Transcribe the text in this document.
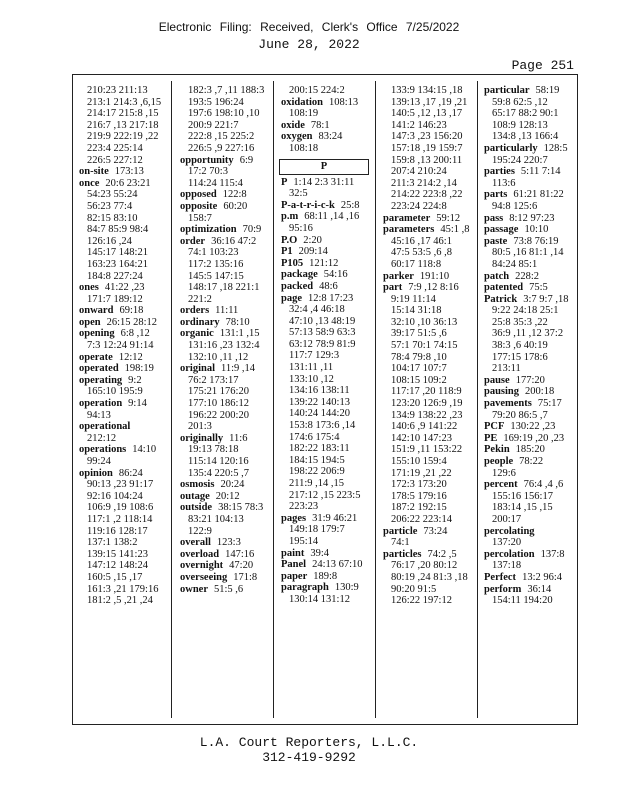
Electronic Filing: Received, Clerk's Office 7/25/2022
June 28, 2022
Page 251
210:23 211:13
213:1 214:3 ,6,15
214:17 215:8 ,15
216:7 ,13 217:18
219:9 222:19 ,22
223:4 225:14
226:5 227:12
on-site 173:13
once 20:6 23:21
54:23 55:24
56:23 77:4
82:15 83:10
84:7 85:9 98:4
126:16 ,24
145:17 148:21
163:23 164:21
184:8 227:24
ones 41:22 ,23
171:7 189:12
onward 69:18
open 26:15 28:12
opening 6:8 ,12
7:3 12:24 91:14
operate 12:12
operated 198:19
operating 9:2
165:10 195:9
operation 9:14
94:13
operational
212:12
operations 14:10
99:24
opinion 86:24
90:13 ,23 91:17
92:16 104:24
106:9 ,19 108:6
117:1 ,2 118:14
119:16 128:17
137:1 138:2
139:15 141:23
147:12 148:24
160:5 ,15 ,17
161:3 ,21 179:16
181:2 ,5 ,21 ,24
182:3 ,7 ,11 188:3
193:5 196:24
197:6 198:10 ,10
200:9 221:7
222:8 ,15 225:2
226:5 ,9 227:16
opportunity 6:9
17:2 70:3
114:24 115:4
opposed 122:8
opposite 60:20
158:7
optimization 70:9
order 36:16 47:2
74:1 103:23
117:2 135:16
145:5 147:15
148:17 ,18 221:1
221:2
orders 11:11
ordinary 78:10
organic 131:1 ,15
131:16 ,23 132:4
132:10 ,11 ,12
original 11:9 ,14
76:2 173:17
175:21 176:20
177:10 186:12
196:22 200:20
201:3
originally 11:6
19:13 78:18
115:14 120:16
135:4 220:5 ,7
osmosis 20:24
outage 20:12
outside 38:15 78:3
83:21 104:13
122:9
overall 123:3
overload 147:16
overnight 47:20
overseeing 171:8
owner 51:5 ,6
200:15 224:2
oxidation 108:13
108:19
oxide 78:1
oxygen 83:24
108:18
P
P 1:14 2:3 31:11
32:5
P-a-t-r-i-c-k 25:8
p.m 68:11 ,14 ,16
95:16
P.O 2:20
P1 209:14
P105 121:12
package 54:16
packed 48:6
page 12:8 17:23
32:4 ,4 46:18
47:10 ,13 48:19
57:13 58:9 63:3
63:12 78:9 81:9
117:7 129:3
131:11 ,11
133:10 ,12
134:16 138:11
139:22 140:13
140:24 144:20
153:8 173:6 ,14
174:6 175:4
182:22 183:11
184:15 194:5
198:22 206:9
211:9 ,14 ,15
217:12 ,15 223:5
223:23
pages 31:9 46:21
149:18 179:7
195:14
paint 39:4
Panel 24:13 67:10
paper 189:8
paragraph 130:9
130:14 131:12
133:9 134:15 ,18
139:13 ,17 ,19 ,21
140:5 ,12 ,13 ,17
141:2 146:23
147:3 ,23 156:20
157:18 ,19 159:7
159:8 ,13 200:11
207:4 210:24
211:3 214:2 ,14
214:22 223:8 ,22
223:24 224:8
parameter 59:12
parameters 45:1 ,8
45:16 ,17 46:1
47:5 53:5 ,6 ,8
60:17 118:8
parker 191:10
part 7:9 ,12 8:16
9:19 11:14
15:14 31:18
32:10 ,10 36:13
39:17 51:5 ,6
57:1 70:1 74:15
78:4 79:8 ,10
104:17 107:7
108:15 109:2
117:17 ,20 118:9
123:20 126:9 ,19
134:9 138:22 ,23
140:6 ,9 141:22
142:10 147:23
151:9 ,11 153:22
155:10 159:4
171:19 ,21 ,22
172:3 173:20
178:5 179:16
187:2 192:15
206:22 223:14
particle 73:24
74:1
particles 74:2 ,5
76:17 ,20 80:12
80:19 ,24 81:3 ,18
90:20 91:5
126:22 197:12
particular 58:19
59:8 62:5 ,12
65:17 88:2 90:1
108:9 128:13
134:8 ,13 166:4
particularly 128:5
195:24 220:7
parties 5:11 7:14
113:6
parts 61:21 81:22
94:8 125:6
pass 8:12 97:23
passage 10:10
paste 73:8 76:19
80:5 ,16 81:1 ,14
84:24 85:1
patch 228:2
patented 75:5
Patrick 3:7 9:7 ,18
9:22 24:18 25:1
25:8 35:3 ,22
36:9 ,11 ,12 37:2
38:3 ,6 40:19
177:15 178:6
213:11
pause 177:20
pausing 200:18
pavements 75:17
79:20 86:5 ,7
PCF 130:22 ,23
PE 169:19 ,20 ,23
Pekin 185:20
people 78:22
129:6
percent 76:4 ,4 ,6
155:16 156:17
183:14 ,15 ,15
200:17
percolating
137:20
percolation 137:8
137:18
Perfect 13:2 96:4
perform 36:14
154:11 194:20
L.A. Court Reporters, L.L.C.
312-419-9292
